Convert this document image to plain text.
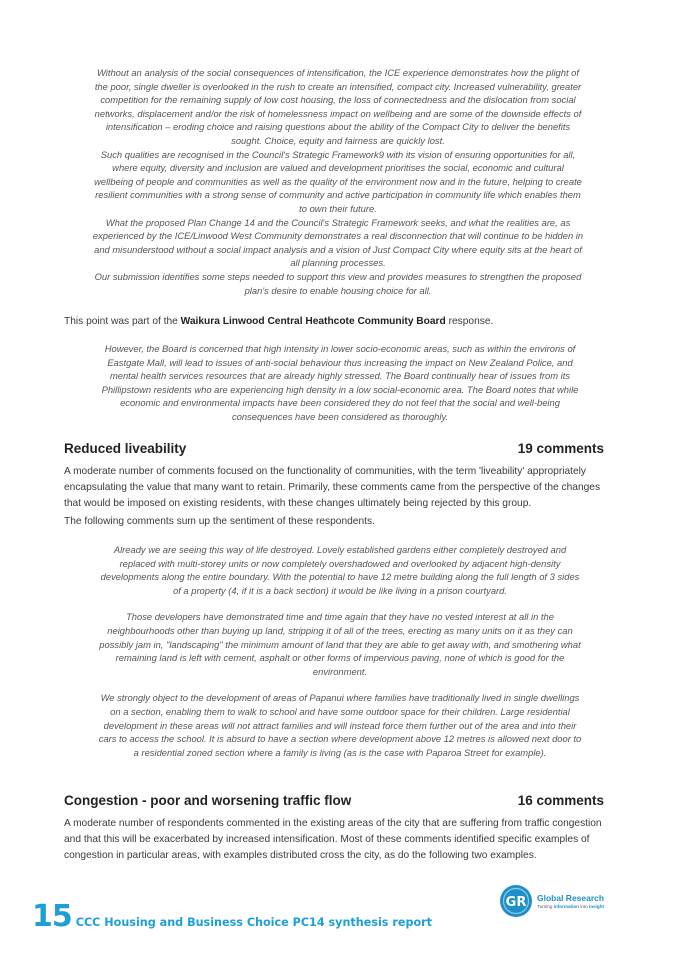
Without an analysis of the social consequences of intensification, the ICE experience demonstrates how the plight of the poor, single dweller is overlooked in the rush to create an intensified, compact city. Increased vulnerability, greater competition for the remaining supply of low cost housing, the loss of connectedness and the dislocation from social networks, displacement and/or the risk of homelessness impact on wellbeing and are some of the downside effects of intensification – eroding choice and raising questions about the ability of the Compact City to deliver the benefits sought. Choice, equity and fairness are quickly lost.

Such qualities are recognised in the Council's Strategic Framework9 with its vision of ensuring opportunities for all, where equity, diversity and inclusion are valued and development prioritises the social, economic and cultural wellbeing of people and communities as well as the quality of the environment now and in the future, helping to create resilient communities with a strong sense of community and active participation in community life which enables them to own their future.

What the proposed Plan Change 14 and the Council's Strategic Framework seeks, and what the realities are, as experienced by the ICE/Linwood West Community demonstrates a real disconnection that will continue to be hidden in and misunderstood without a social impact analysis and a vision of Just Compact City where equity sits at the heart of all planning processes.

Our submission identifies some steps needed to support this view and provides measures to strengthen the proposed plan's desire to enable housing choice for all.

This point was part of the Waikura Linwood Central Heathcote Community Board response.

However, the Board is concerned that high intensity in lower socio-economic areas, such as within the environs of Eastgate Mall, will lead to issues of anti-social behaviour thus increasing the impact on New Zealand Police, and mental health services resources that are already highly stressed. The Board continually hear of issues from its Phillipstown residents who are experiencing high density in a low social-economic area. The Board notes that while economic and environmental impacts have been considered they do not feel that the social and well-being consequences have been considered as thoroughly.

Reduced liveability	19 comments

A moderate number of comments focused on the functionality of communities, with the term 'liveability' appropriately encapsulating the value that many want to retain. Primarily, these comments came from the perspective of the changes that would be imposed on existing residents, with these changes ultimately being rejected by this group.

The following comments sum up the sentiment of these respondents.

Already we are seeing this way of life destroyed. Lovely established gardens either completely destroyed and replaced with multi-storey units or now completely overshadowed and overlooked by adjacent high-density developments along the entire boundary. With the potential to have 12 metre building along the full length of 3 sides of a property (4, if it is a back section) it would be like living in a prison courtyard.

Those developers have demonstrated time and time again that they have no vested interest at all in the neighbourhoods other than buying up land, stripping it of all of the trees, erecting as many units on it as they can possibly jam in, "landscaping" the minimum amount of land that they are able to get away with, and smothering what remaining land is left with cement, asphalt or other forms of impervious paving, none of which is good for the environment.

We strongly object to the development of areas of Papanui where families have traditionally lived in single dwellings on a section, enabling them to walk to school and have some outdoor space for their children. Large residential development in these areas will not attract families and will instead force them further out of the area and into their cars to access the school. It is absurd to have a section where development above 12 metres is allowed next door to a residential zoned section where a family is living (as is the case with Paparoa Street for example).

Congestion - poor and worsening traffic flow	16 comments

A moderate number of respondents commented in the existing areas of the city that are suffering from traffic congestion and that this will be exacerbated by increased intensification. Most of these comments identified specific examples of congestion in particular areas, with examples distributed cross the city, as do the following two examples.

GR Global Research
Turning information into insight
15 CCC Housing and Business Choice PC14 synthesis report
